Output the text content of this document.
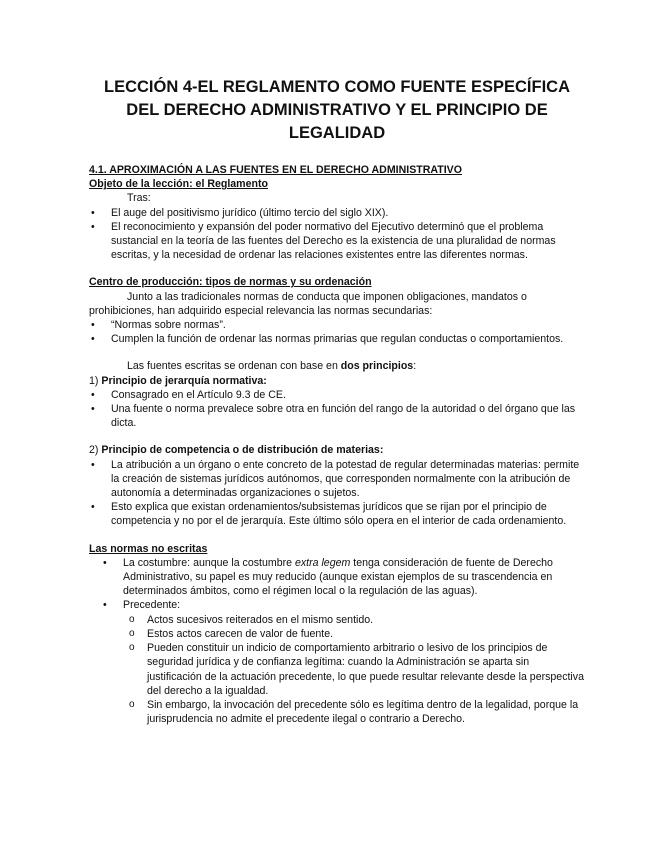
LECCIÓN 4-EL REGLAMENTO COMO FUENTE ESPECÍFICA DEL DERECHO ADMINISTRATIVO Y EL PRINCIPIO DE LEGALIDAD
4.1. APROXIMACIÓN A LAS FUENTES EN EL DERECHO ADMINISTRATIVO
Objeto de la lección: el Reglamento
Tras:
• El auge del positivismo jurídico (último tercio del siglo XIX).
• El reconocimiento y expansión del poder normativo del Ejecutivo determinó que el problema sustancial en la teoría de las fuentes del Derecho es la existencia de una pluralidad de normas escritas, y la necesidad de ordenar las relaciones existentes entre las diferentes normas.
Centro de producción: tipos de normas y su ordenación
Junto a las tradicionales normas de conducta que imponen obligaciones, mandatos o prohibiciones, han adquirido especial relevancia las normas secundarias:
• “Normas sobre normas”.
• Cumplen la función de ordenar las normas primarias que regulan conductas o comportamientos.
Las fuentes escritas se ordenan con base en dos principios:
1) Principio de jerarquía normativa:
• Consagrado en el Artículo 9.3 de CE.
• Una fuente o norma prevalece sobre otra en función del rango de la autoridad o del órgano que las dicta.
2) Principio de competencia o de distribución de materias:
• La atribución a un órgano o ente concreto de la potestad de regular determinadas materias: permite la creación de sistemas jurídicos autónomos, que corresponden normalmente con la atribución de autonomía a determinadas organizaciones o sujetos.
• Esto explica que existan ordenamientos/subsistemas jurídicos que se rijan por el principio de competencia y no por el de jerarquía. Este último sólo opera en el interior de cada ordenamiento.
Las normas no escritas
• La costumbre: aunque la costumbre extra legem tenga consideración de fuente de Derecho Administrativo, su papel es muy reducido (aunque existan ejemplos de su trascendencia en determinados ámbitos, como el régimen local o la regulación de las aguas).
• Precedente:
o Actos sucesivos reiterados en el mismo sentido.
o Estos actos carecen de valor de fuente.
o Pueden constituir un indicio de comportamiento arbitrario o lesivo de los principios de seguridad jurídica y de confianza legítima: cuando la Administración se aparta sin justificación de la actuación precedente, lo que puede resultar relevante desde la perspectiva del derecho a la igualdad.
o Sin embargo, la invocación del precedente sólo es legítima dentro de la legalidad, porque la jurisprudencia no admite el precedente ilegal o contrario a Derecho.
